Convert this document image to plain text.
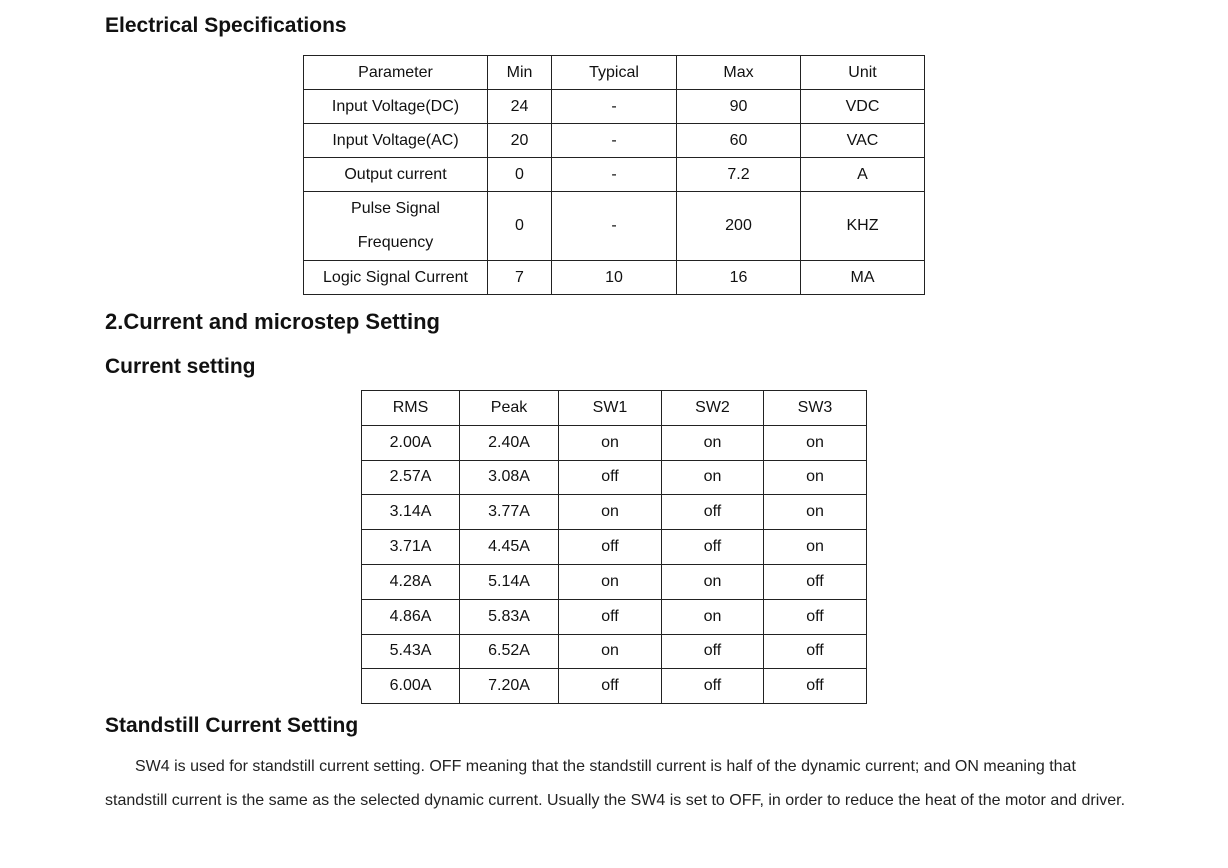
Electrical Specifications
Parameter	Min	Typical	Max	Unit
Input Voltage(DC)	24	-	90	VDC
Input Voltage(AC)	20	-	60	VAC
Output current	0	-	7.2	A

Pulse Signal
Frequency	0	-	200	KHZ
Logic Signal Current	7	10	16	MA
2.Current and microstep Setting
Current setting
RMS	Peak	SW1	SW2	SW3
2.00A	2.40A	on	on	on
2.57A	3.08A	off	on	on
3.14A	3.77A	on	off	on
3.71A	4.45A	off	off	on
4.28A	5.14A	on	on	off
4.86A	5.83A	off	on	off
5.43A	6.52A	on	off	off
6.00A	7.20A	off	off	off
Standstill Current Setting

SW4 is used for standstill current setting. OFF meaning that the standstill current is half of the dynamic current; and ON meaning that standstill current is the same as the selected dynamic current. Usually the SW4 is set to OFF, in order to reduce the heat of the motor and driver.
